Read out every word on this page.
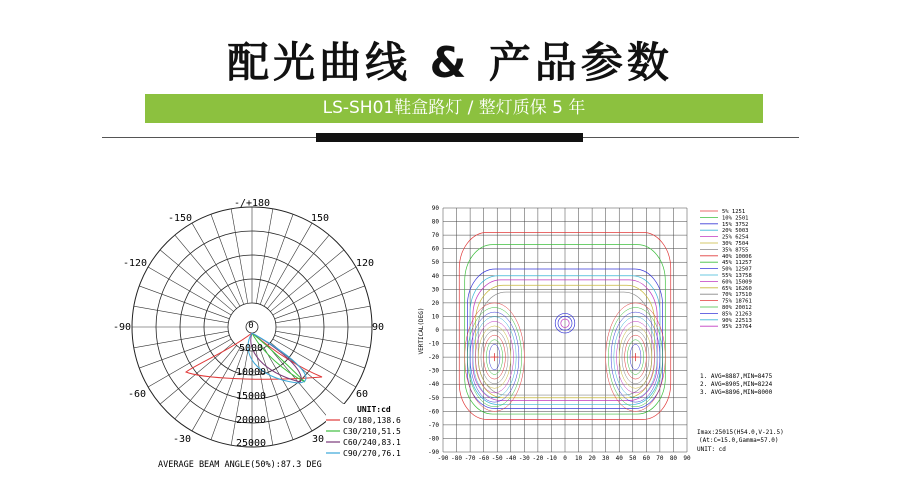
配光曲线 & 产品参数
LS-SH01鞋盒路灯 / 整灯质保 5 年
-/+180
-150	150
-120	120
-90	90
-60	60
-30	30
0
5000
10000
15000
20000
25000
UNIT:cd
C0/180,138.6
C30/210,51.5
C60/240,83.1
C90/270,76.1
AVERAGE BEAM ANGLE(50%):87.3 DEG
90
80
70
60
50
40
30
20
10
0
-10
-20
-30
-40
-50
-60
-70
-80
-90
-90 -80 -70 -60 -50 -40 -30 -20 -10 0 10 20 30 40 50 60 70 80 90
VERTICAL(DEG)
5% 1251
10% 2501
15% 3752
20% 5003
25% 6254
30% 7504
35% 8755
40% 10006
45% 11257
50% 12507
55% 13758
60% 15009
65% 16260
70% 17510
75% 18761
80% 20012
85% 21263
90% 22513
95% 23764
1. AVG=8887,MIN=8475
2. AVG=8905,MIN=8224
3. AVG=8896,MIN=8000
Imax:25015(H54.0,V-21.5)
(At:C=15.0,Gamma=57.0)
UNIT: cd
